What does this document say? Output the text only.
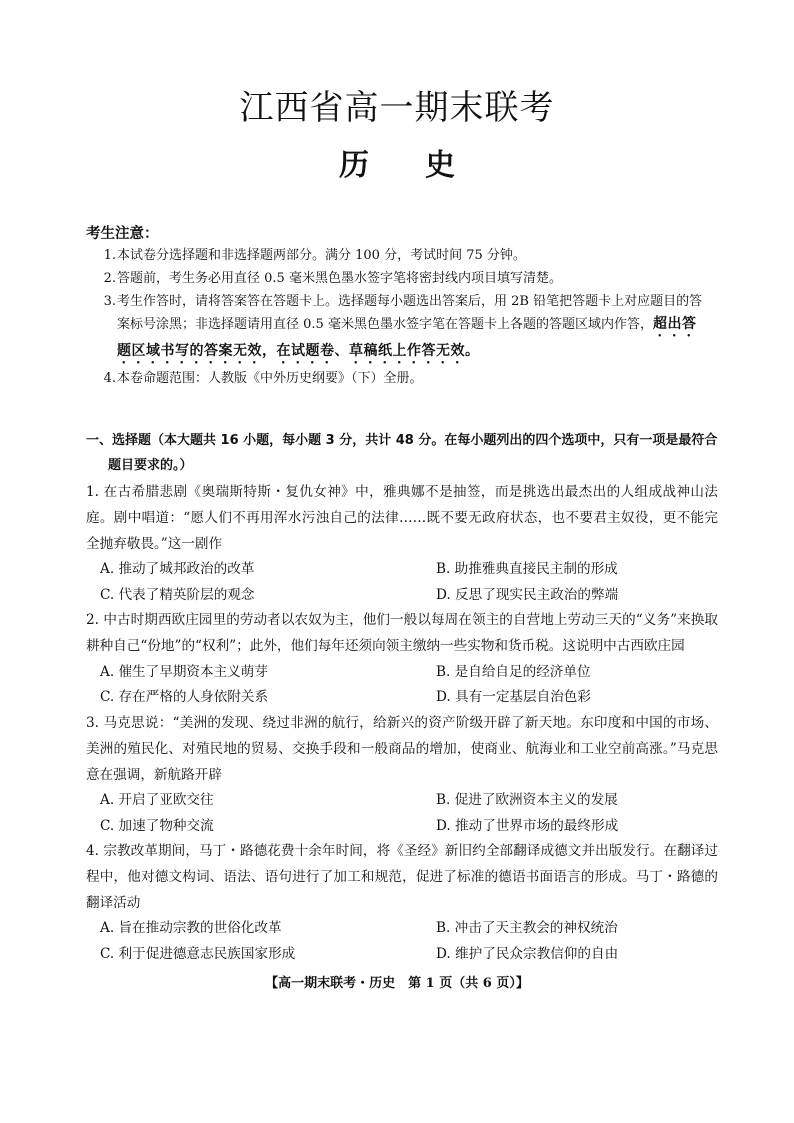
江西省高一期末联考
历 史
考生注意：
1. 本试卷分选择题和非选择题两部分。满分 100 分，考试时间 75 分钟。
2. 答题前，考生务必用直径 0.5 毫米黑色墨水签字笔将密封线内项目填写清楚。
3. 考生作答时，请将答案答在答题卡上。选择题每小题选出答案后，用 2B 铅笔把答题卡上对应题目的答案标号涂黑；非选择题请用直径 0.5 毫米黑色墨水签字笔在答题卡上各题的答题区域内作答，超出答题区域书写的答案无效，在试题卷、草稿纸上作答无效。
4. 本卷命题范围：人教版《中外历史纲要》（下）全册。
一、选择题（本大题共 16 小题，每小题 3 分，共计 48 分。在每小题列出的四个选项中，只有一项是最符合
题目要求的。）
1. 在古希腊悲剧《奥瑞斯特斯・复仇女神》中，雅典娜不是抽签，而是挑选出最杰出的人组成战神山法庭。剧中唱道：“愿人们不再用浑水污浊自己的法律……既不要无政府状态，也不要君主奴役，更不能完全抛弃敬畏。”这一剧作
A. 推动了城邦政治的改革	B. 助推雅典直接民主制的形成
C. 代表了精英阶层的观念	D. 反思了现实民主政治的弊端
2. 中古时期西欧庄园里的劳动者以农奴为主，他们一般以每周在领主的自营地上劳动三天的“义务”来换取耕种自己“份地”的“权利”；此外，他们每年还须向领主缴纳一些实物和货币税。这说明中古西欧庄园
A. 催生了早期资本主义萌芽	B. 是自给自足的经济单位
C. 存在严格的人身依附关系	D. 具有一定基层自治色彩
3. 马克思说：“美洲的发现、绕过非洲的航行，给新兴的资产阶级开辟了新天地。东印度和中国的市场、美洲的殖民化、对殖民地的贸易、交换手段和一般商品的增加，使商业、航海业和工业空前高涨。”马克思意在强调，新航路开辟
A. 开启了亚欧交往	B. 促进了欧洲资本主义的发展
C. 加速了物种交流	D. 推动了世界市场的最终形成
4. 宗教改革期间，马丁・路德花费十余年时间，将《圣经》新旧约全部翻译成德文并出版发行。在翻译过程中，他对德文构词、语法、语句进行了加工和规范，促进了标准的德语书面语言的形成。马丁・路德的翻译活动
A. 旨在推动宗教的世俗化改革	B. 冲击了天主教会的神权统治
C. 利于促进德意志民族国家形成	D. 维护了民众宗教信仰的自由
【高一期末联考・历史　第 1 页（共 6 页）】
